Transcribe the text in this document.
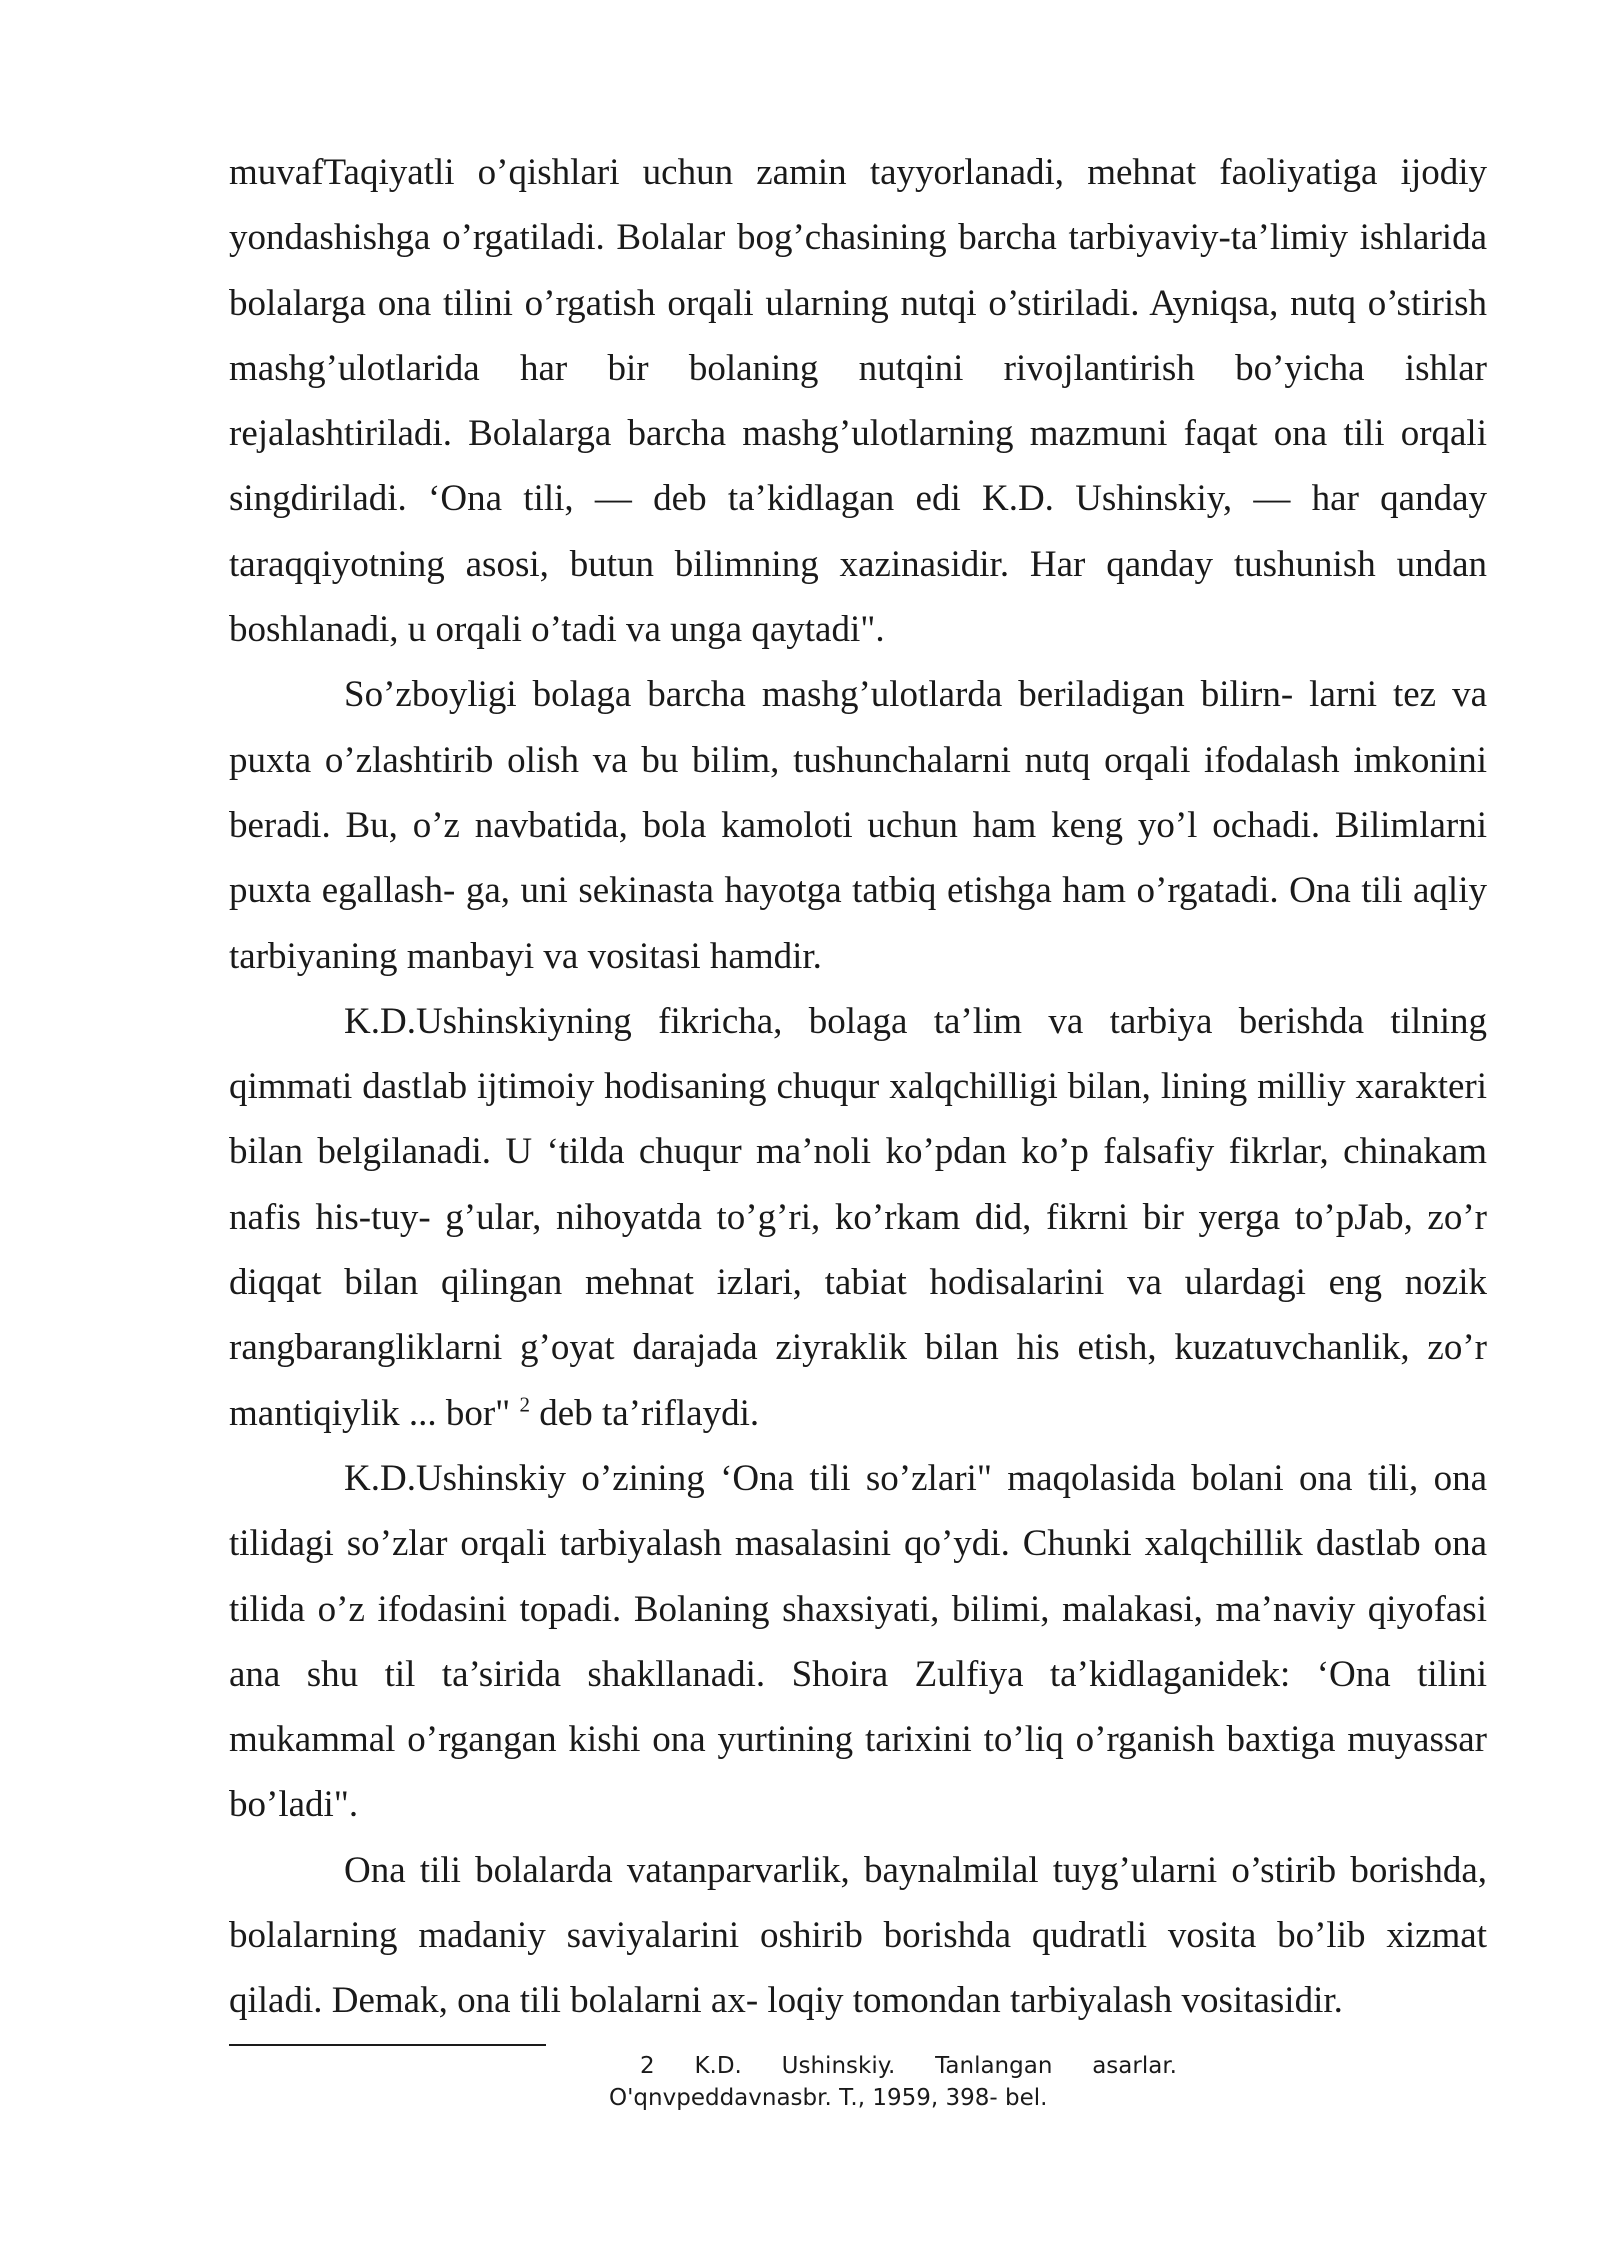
muvafTaqiyatli o’qishlari uchun zamin tayyorlanadi, mehnat faoliyatiga ijodiy yondashishga o’rgatiladi. Bolalar bog’chasining barcha tarbiyaviy-ta’limiy ishlarida bolalarga ona tilini o’rgatish orqali ularning nutqi o’stiriladi. Ayniqsa, nutq o’stirish mashg’ulotlarida har bir bolaning nutqini rivojlantirish bo’yicha ishlar rejalashtiriladi. Bolalarga barcha mashg’ulotlarning mazmuni faqat ona tili orqali singdiriladi. ‘Ona tili, — deb ta’kidlagan edi K.D. Ushinskiy, — har qanday taraqqiyotning asosi, butun bilimning xazinasidir. Har qanday tushunish undan boshlanadi, u orqali o’tadi va unga qaytadi".

So’zboyligi bolaga barcha mashg’ulotlarda beriladigan bilirn- larni tez va puxta o’zlashtirib olish va bu bilim, tushunchalarni nutq orqali ifodalash imkonini beradi. Bu, o’z navbatida, bola kamoloti uchun ham keng yo’l ochadi. Bilimlarni puxta egallash- ga, uni sekinasta hayotga tatbiq etishga ham o’rgatadi. Ona tili aqliy tarbiyaning manbayi va vositasi hamdir.

K.D.Ushinskiyning fikricha, bolaga ta’lim va tarbiya berishda tilning qimmati dastlab ijtimoiy hodisaning chuqur xalqchilligi bilan, lining milliy xarakteri bilan belgilanadi. U ‘tilda chuqur ma’noli ko’pdan ko’p falsafiy fikrlar, chinakam nafis his-tuy- g’ular, nihoyatda to’g’ri, ko’rkam did, fikrni bir yerga to’pJab, zo’r diqqat bilan qilingan mehnat izlari, tabiat hodisalarini va ulardagi eng nozik rangbarangliklarni g’oyat darajada ziyraklik bilan his etish, kuzatuvchanlik, zo’r mantiqiylik ... bor" $^2$ deb ta’riflaydi.

K.D.Ushinskiy o’zining ‘Ona tili so’zlari" maqolasida bolani ona tili, ona tilidagi so’zlar orqali tarbiyalash masalasini qo’ydi. Chunki xalqchillik dastlab ona tilida o’z ifodasini topadi. Bolaning shaxsiyati, bilimi, malakasi, ma’naviy qiyofasi ana shu til ta’sirida shakllanadi. Shoira Zulfiya ta’kidlaganidek: ‘Ona tilini mukammal o’rgangan kishi ona yurtining tarixini to’liq o’rganish baxtiga muyassar bo’ladi".

Ona tili bolalarda vatanparvarlik, baynalmilal tuyg’ularni o’stirib borishda, bolalarning madaniy saviyalarini oshirib borishda qudratli vosita bo’lib xizmat qiladi. Demak, ona tili bolalarni ax- loqiy tomondan tarbiyalash vositasidir.

2 K.D. Ushinskiy. Tanlangan asarlar.
O'qnvpeddavnasbr. T., 1959, 398- bel.
